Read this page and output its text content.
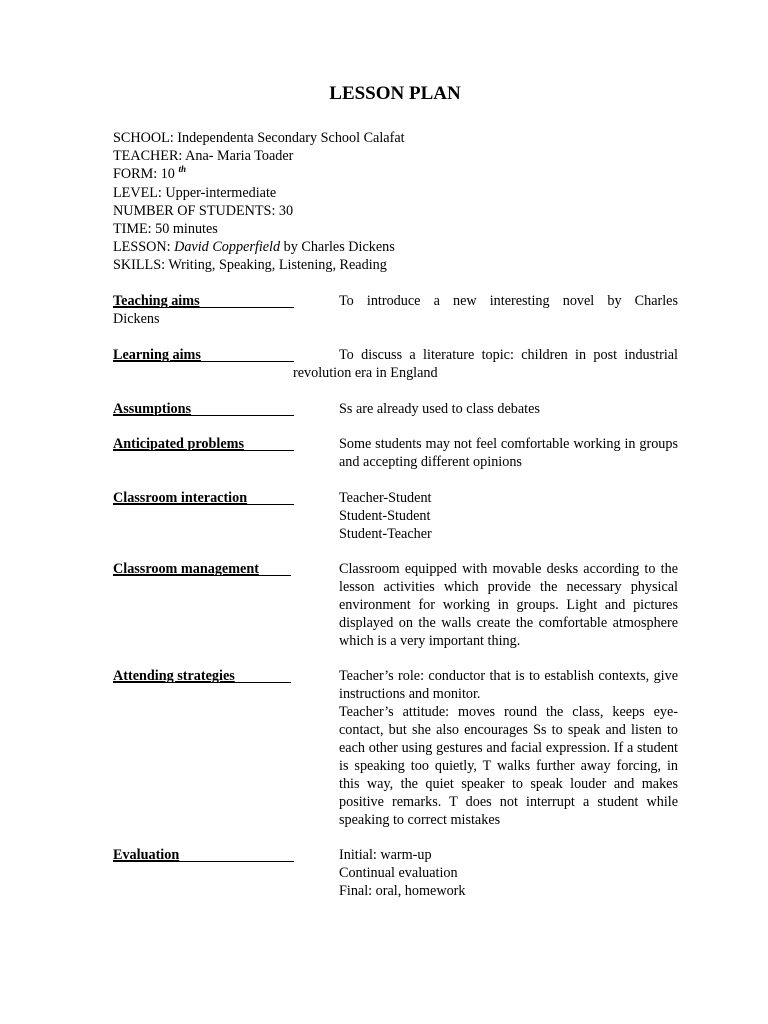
LESSON PLAN
SCHOOL: Independenta Secondary School Calafat
TEACHER: Ana- Maria Toader
FORM: 10 $^{th}$
LEVEL: Upper-intermediate
NUMBER OF STUDENTS: 30
TIME: 50 minutes
LESSON: David Copperfield by Charles Dickens
SKILLS: Writing, Speaking, Listening, Reading
Teaching aims	To introduce a new interesting novel by Charles
Dickens
Learning aims	To discuss a literature topic: children in post industrial
revolution era in England
Assumptions	Ss are already used to class debates
Anticipated problems	Some students may not feel comfortable working in groups and accepting different opinions
Classroom interaction	Teacher-Student
Student-Student
Student-Teacher
Classroom management	Classroom equipped with movable desks according to the lesson activities which provide the necessary physical environment for working in groups. Light and pictures displayed on the walls create the comfortable atmosphere which is a very important thing.
Attending strategies	Teacher’s role: conductor that is to establish contexts, give instructions and monitor.
Teacher’s attitude: moves round the class, keeps eye-contact, but she also encourages Ss to speak and listen to each other using gestures and facial expression. If a student is speaking too quietly, T walks further away forcing, in this way, the quiet speaker to speak louder and makes positive remarks. T does not interrupt a student while speaking to correct mistakes
Evaluation	Initial: warm-up
Continual evaluation
Final: oral, homework
